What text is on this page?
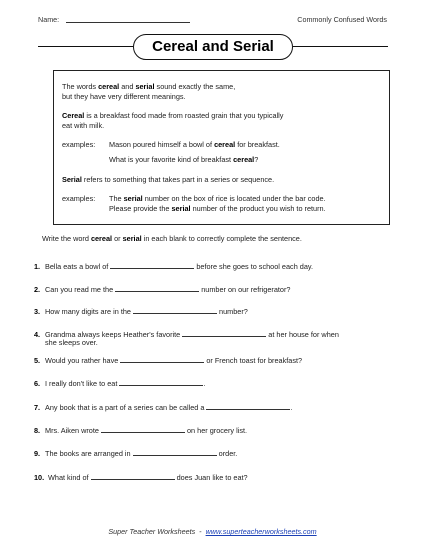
Name:	Commonly Confused Words
Cereal and Serial
The words cereal and serial sound exactly the same,
but they have very different meanings.
Cereal is a breakfast food made from roasted grain that you typically
eat with milk.
examples: Mason poured himself a bowl of cereal for breakfast.
What is your favorite kind of breakfast cereal?
Serial refers to something that takes part in a series or sequence.
examples: The serial number on the box of rice is located under the bar code.
Please provide the serial number of the product you wish to return.
Write the word cereal or serial in each blank to correctly complete the sentence.
1. Bella eats a bowl of	before she goes to school each day.
2. Can you read me the	number on our refrigerator?
3. How many digits are in the	number?
4. Grandma always keeps Heather's favorite	at her house for when
she sleeps over.
5. Would you rather have	or French toast for breakfast?
6. I really don't like to eat	.
7. Any book that is a part of a series can be called a	.
8. Mrs. Aiken wrote	on her grocery list.
9. The books are arranged in	order.
10. What kind of	does Juan like to eat?
Super Teacher Worksheets  -  www.superteacherworksheets.com
